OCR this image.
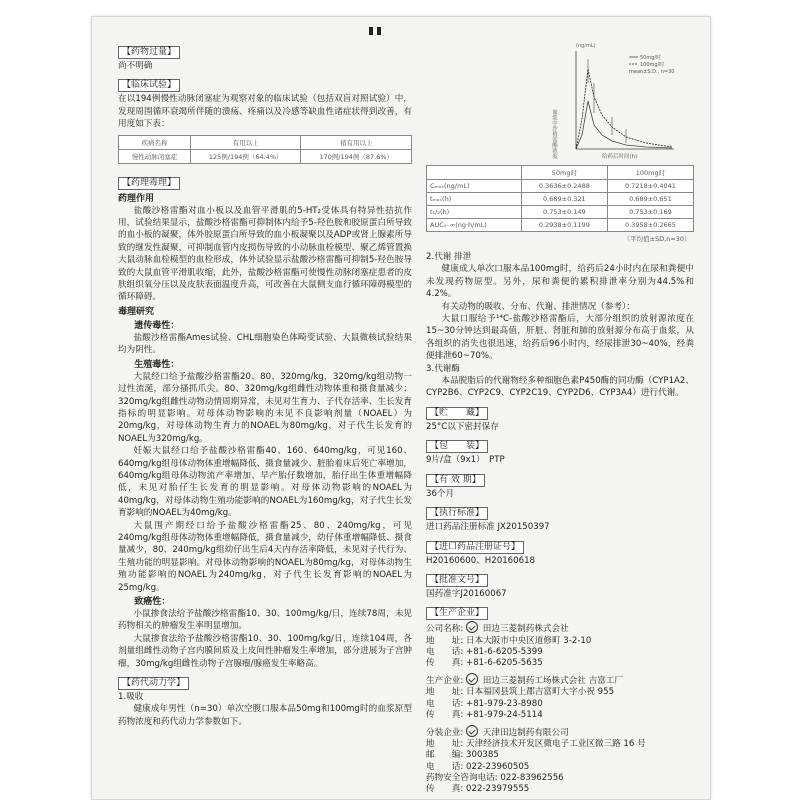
【药物过量】

尚不明确

【临床试验】

在以194例慢性动脉闭塞症为观察对象的临床试验（包括双盲对照试验）中，发现周围循环衰竭所伴随的溃疡、疼痛以及冷感等缺血性诸症状得到改善，有用度如下表：

疾病名称	有用以上	稍有用以上
慢性动脉闭塞症	125例/194例（64.4%）	170例/194例（87.6%）
【药理毒理】

药理作用

盐酸沙格雷酯对血小板以及血管平滑肌的5-HT₂受体具有特异性拮抗作用，试验结果显示，盐酸沙格雷酯可抑制体内给予5-羟色胺和胶原蛋白所导致的血小板的凝聚，体外胶原蛋白所导致的血小板凝聚以及ADP或肾上腺素所导致的继发性凝聚，可抑制血管内皮损伤导致的小动脉血栓模型、聚乙烯管置换大鼠动脉血栓模型的血栓形成，体外试验显示盐酸沙格雷酯可抑制5-羟色胺导致的大鼠血管平滑肌收缩，此外，盐酸沙格雷酯可使慢性动脉闭塞症患者的皮肤组织氧分压以及皮肤表面温度升高，可改善在大鼠侧支血行循环障碍模型的循环障碍。

毒理研究

遗传毒性：

盐酸沙格雷酯Ames试验、CHL细胞染色体畸变试验、大鼠微核试验结果均为阴性。

生殖毒性：

大鼠经口给予盐酸沙格雷酯20、80、320mg/kg，320mg/kg组动物一过性流涎，部分搔抓爪尖。80、320mg/kg组雌性动物体重和摄食量减少；320mg/kg组雌性动物动情周期异常，未见对生育力、子代存活率、生长发育指标的明显影响。对母体动物影响的未见不良影响剂量（NOAEL）为20mg/kg，对母体动物生育力的NOAEL为80mg/kg，对子代生长发育的NOAEL为320mg/kg。

妊娠大鼠经口给予盐酸沙格雷酯40、160、640mg/kg，可见160、640mg/kg组母体动物体重增幅降低、摄食量减少、脏胎着床后死亡率增加，640mg/kg组母体动物流产率增加、早产胎仔数增加，胎仔出生体重增幅降低，未见对胎仔生长发育的明显影响。对母体动物影响的NOAEL为40mg/kg，对母体动物生殖功能影响的NOAEL为160mg/kg，对子代生长发育影响的NOAEL为40mg/kg。

大鼠围产期经口给予盐酸沙格雷酯25、80、240mg/kg，可见240mg/kg组母体动物体重增幅降低，摄食量减少，幼仔体重增幅降低、摄食量减少，80、240mg/kg组幼仔出生后4天内存活率降低，未见对子代行为、生殖功能的明显影响。对母体动物影响的NOAEL为80mg/kg，对母体动物生殖功能影响的NOAEL为240mg/kg，对子代生长发育影响的NOAEL为25mg/kg。

致癌性：

小鼠掺食法给予盐酸沙格雷酯10、30、100mg/kg/日，连续78周，未见药物相关的肿瘤发生率明显增加。

大鼠掺食法给予盐酸沙格雷酯10、30、100mg/kg/日，连续104周，各剂量组雌性动物子宫内膜间质及上皮间性肿瘤发生率增加，部分进展为子宫肿瘤，30mg/kg组雌性动物子宫腺瘤/腺癌发生率略高。

【药代动力学】

1.吸收

健康成年男性（n=30）单次空腹口服本品50mg和100mg时的血浆原型药物浓度和药代动力学参数如下。

(ng/mL)
血浆中沙格雷酯浓度
50mg/时
100mg/时
mean±S.D., n=30
给药后时间(h)
	50mg时	100mg时
Cₘₐₓ(ng/mL)	0.3636±0.2488	0.7218±0.4041
tₘₐₓ(h)	0.689±0.321	0.689±0.651
t₁/₂(h)	0.753±0.149	0.753±0.169
AUC₀₋∞(ng·h/mL)	0.2938±0.1199	0.3958±0.2665
（平均值±SD,n=30）		

2.代谢 排泄

健康成人单次口服本品100mg时，给药后24小时内在尿和粪便中未发现药物原型。另外，尿和粪便的累积排泄率分别为44.5%和4.2%。

有关动物的吸收、分布、代谢、排泄情况（参考）：

大鼠口服给予¹⁴C-盐酸沙格雷酯后，大部分组织的放射源浓度在15~30分钟达到最高值，肝脏、肾脏和肺的放射源分布高于血浆，从各组织的消失也很迅速，给药后96小时内，经尿排泄30~40%，经粪便排泄60~70%。

3.代谢酶

本品脱脂后的代谢物经多种细胞色素P450酶的同功酶（CYP1A2、CYP2B6、CYP2C9、CYP2C19、CYP2D6、CYP3A4）进行代谢。

【贮　　藏】

25°C以下密封保存

【包　　装】

9片/盒（9x1）　PTP

【有 效 期】

36个月

【执行标准】

进口药品注册标准 JX20150397

【进口药品注册证号】

H20160600、H20160618

【批准文号】

国药准字J20160067

【生产企业】
公司名称: 田边三菱制药株式会社
地　　址: 日本大阪市中央区道修町 3-2-10
电　　话: +81-6-6205-5399
传　　真: +81-6-6205-5635
生产企业: 田边三菱制药工场株式会社 吉富工厂
地　　址: 日本福冈县筑上郡吉富町大字小祝 955
电　　话: +81-979-23-8980
传　　真: +81-979-24-5114
分装企业: 天津田边制药有限公司
地　　址: 天津经济技术开发区微电子工业区微三路 16 号
邮　　编: 300385
电　　话: 022-23960505
药物安全咨询电话: 022-83962556
传　　真: 022-23979555
